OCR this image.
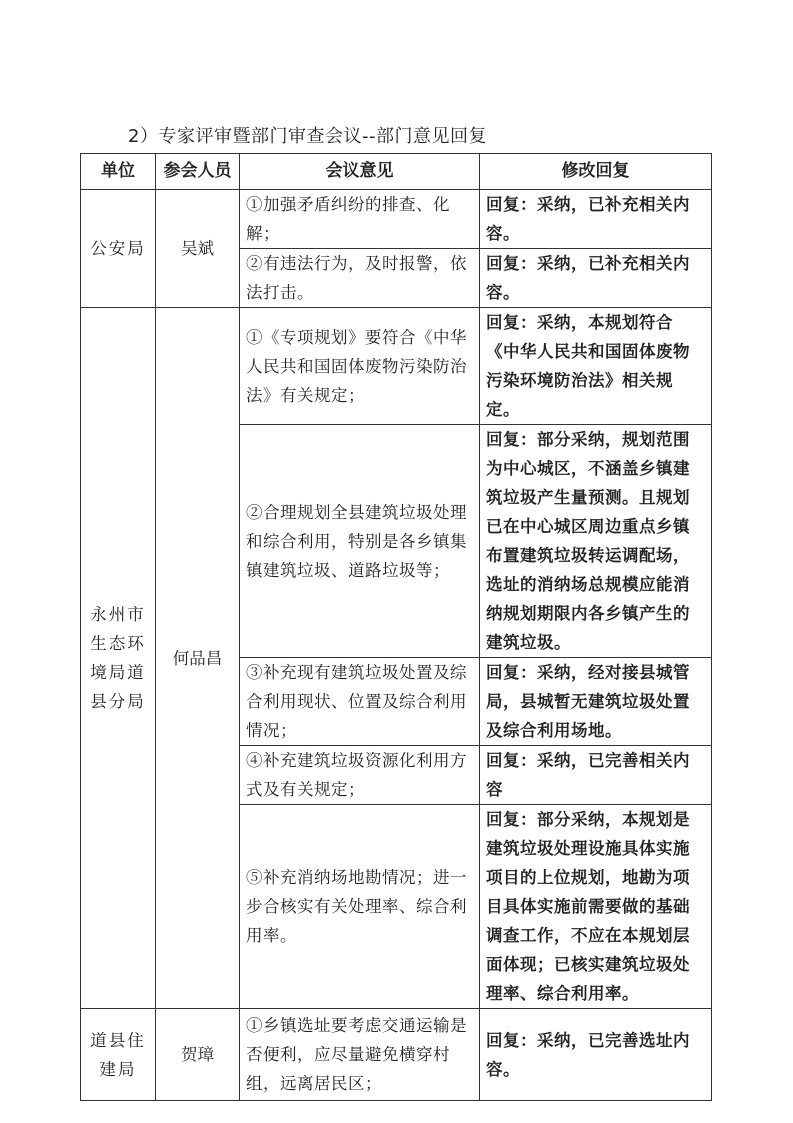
2）专家评审暨部门审查会议--部门意见回复
单位	参会人员	会议意见	修改回复
公安局	吴斌	①加强矛盾纠纷的排查、化解；	回复：采纳，已补充相关内容。
		②有违法行为，及时报警，依法打击。	回复：采纳，已补充相关内容。
永州市生态环境局道县分局	何品昌	①《专项规划》要符合《中华人民共和国固体废物污染防治法》有关规定；	回复：采纳，本规划符合《中华人民共和国固体废物污染环境防治法》相关规定。
		②合理规划全县建筑垃圾处理和综合利用，特别是各乡镇集镇建筑垃圾、道路垃圾等；	回复：部分采纳，规划范围为中心城区，不涵盖乡镇建筑垃圾产生量预测。且规划已在中心城区周边重点乡镇布置建筑垃圾转运调配场，选址的消纳场总规模应能消纳规划期限内各乡镇产生的建筑垃圾。
		③补充现有建筑垃圾处置及综合利用现状、位置及综合利用情况；	回复：采纳，经对接县城管局，县城暂无建筑垃圾处置及综合利用场地。
		④补充建筑垃圾资源化利用方式及有关规定；	回复：采纳，已完善相关内容
		⑤补充消纳场地勘情况；进一步合核实有关处理率、综合利用率。	回复：部分采纳，本规划是建筑垃圾处理设施具体实施项目的上位规划，地勘为项目具体实施前需要做的基础调查工作，不应在本规划层面体现；已核实建筑垃圾处理率、综合利用率。
道县住建局	贺璋	①乡镇选址要考虑交通运输是否便利，应尽量避免横穿村组，远离居民区；	回复：采纳，已完善选址内容。
